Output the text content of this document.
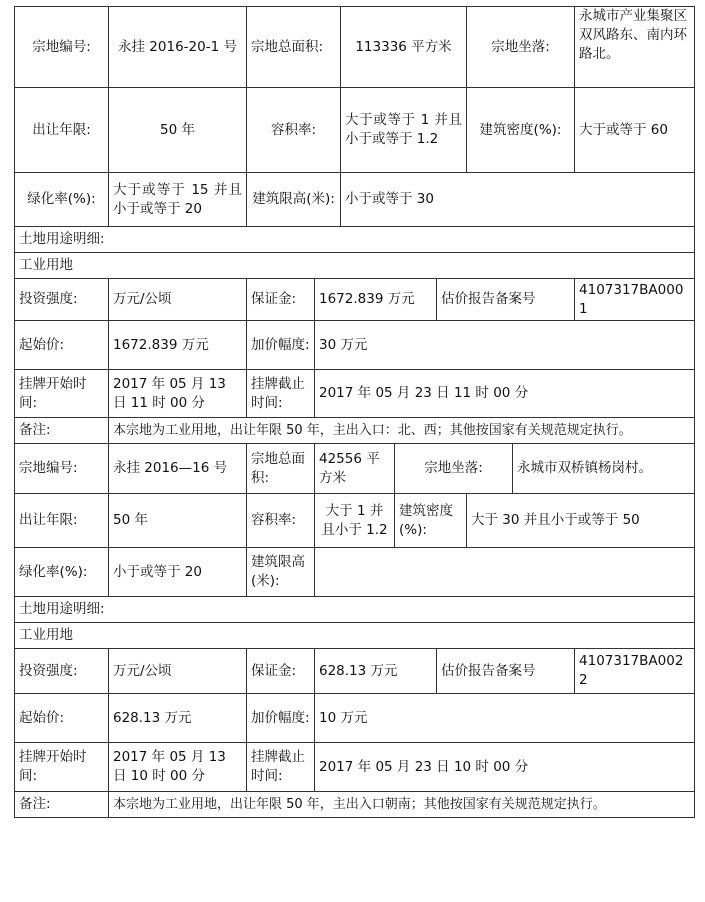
宗地编号:	永挂 2016-20-1 号	宗地总面积:		113336 平方米			宗地坐落:		永城市产业集聚区双风路东、南内环路北。
出让年限:	50 年	容积率:		大于或等于 1 并且小于或等于 1.2			建筑密度(%):		大于或等于 60
绿化率(%):	大于或等于 15 并且小于或等于 20	建筑限高(米):		小于或等于 30					
土地用途明细:									
工业用地									
投资强度:	万元/公顷	保证金:	1672.839 万元			估价报告备案号			4107317BA0001
起始价:	1672.839 万元	加价幅度:	30 万元						
挂牌开始时间:	2017 年 05 月 13 日 11 时 00 分	挂牌截止时间:	2017 年 05 月 23 日 11 时 00 分						
备注:	本宗地为工业用地，出让年限 50 年，主出入口：北、西；其他按国家有关规范规定执行。								
宗地编号:	永挂 2016—16 号	宗地总面积:	42556 平方米		宗地坐落:			永城市双桥镇杨岗村。	
出让年限:	50 年	容积率:	大于 1 并且小于 1.2		建筑密度(%):		大于 30 并且小于或等于 50		
绿化率(%):	小于或等于 20	建筑限高(米):							
土地用途明细:									
工业用地									
投资强度:	万元/公顷	保证金:	628.13 万元			估价报告备案号			4107317BA0022
起始价:	628.13 万元	加价幅度:	10 万元						
挂牌开始时间:	2017 年 05 月 13 日 10 时 00 分	挂牌截止时间:	2017 年 05 月 23 日 10 时 00 分						
备注:	本宗地为工业用地，出让年限 50 年，主出入口朝南；其他按国家有关规范规定执行。								
